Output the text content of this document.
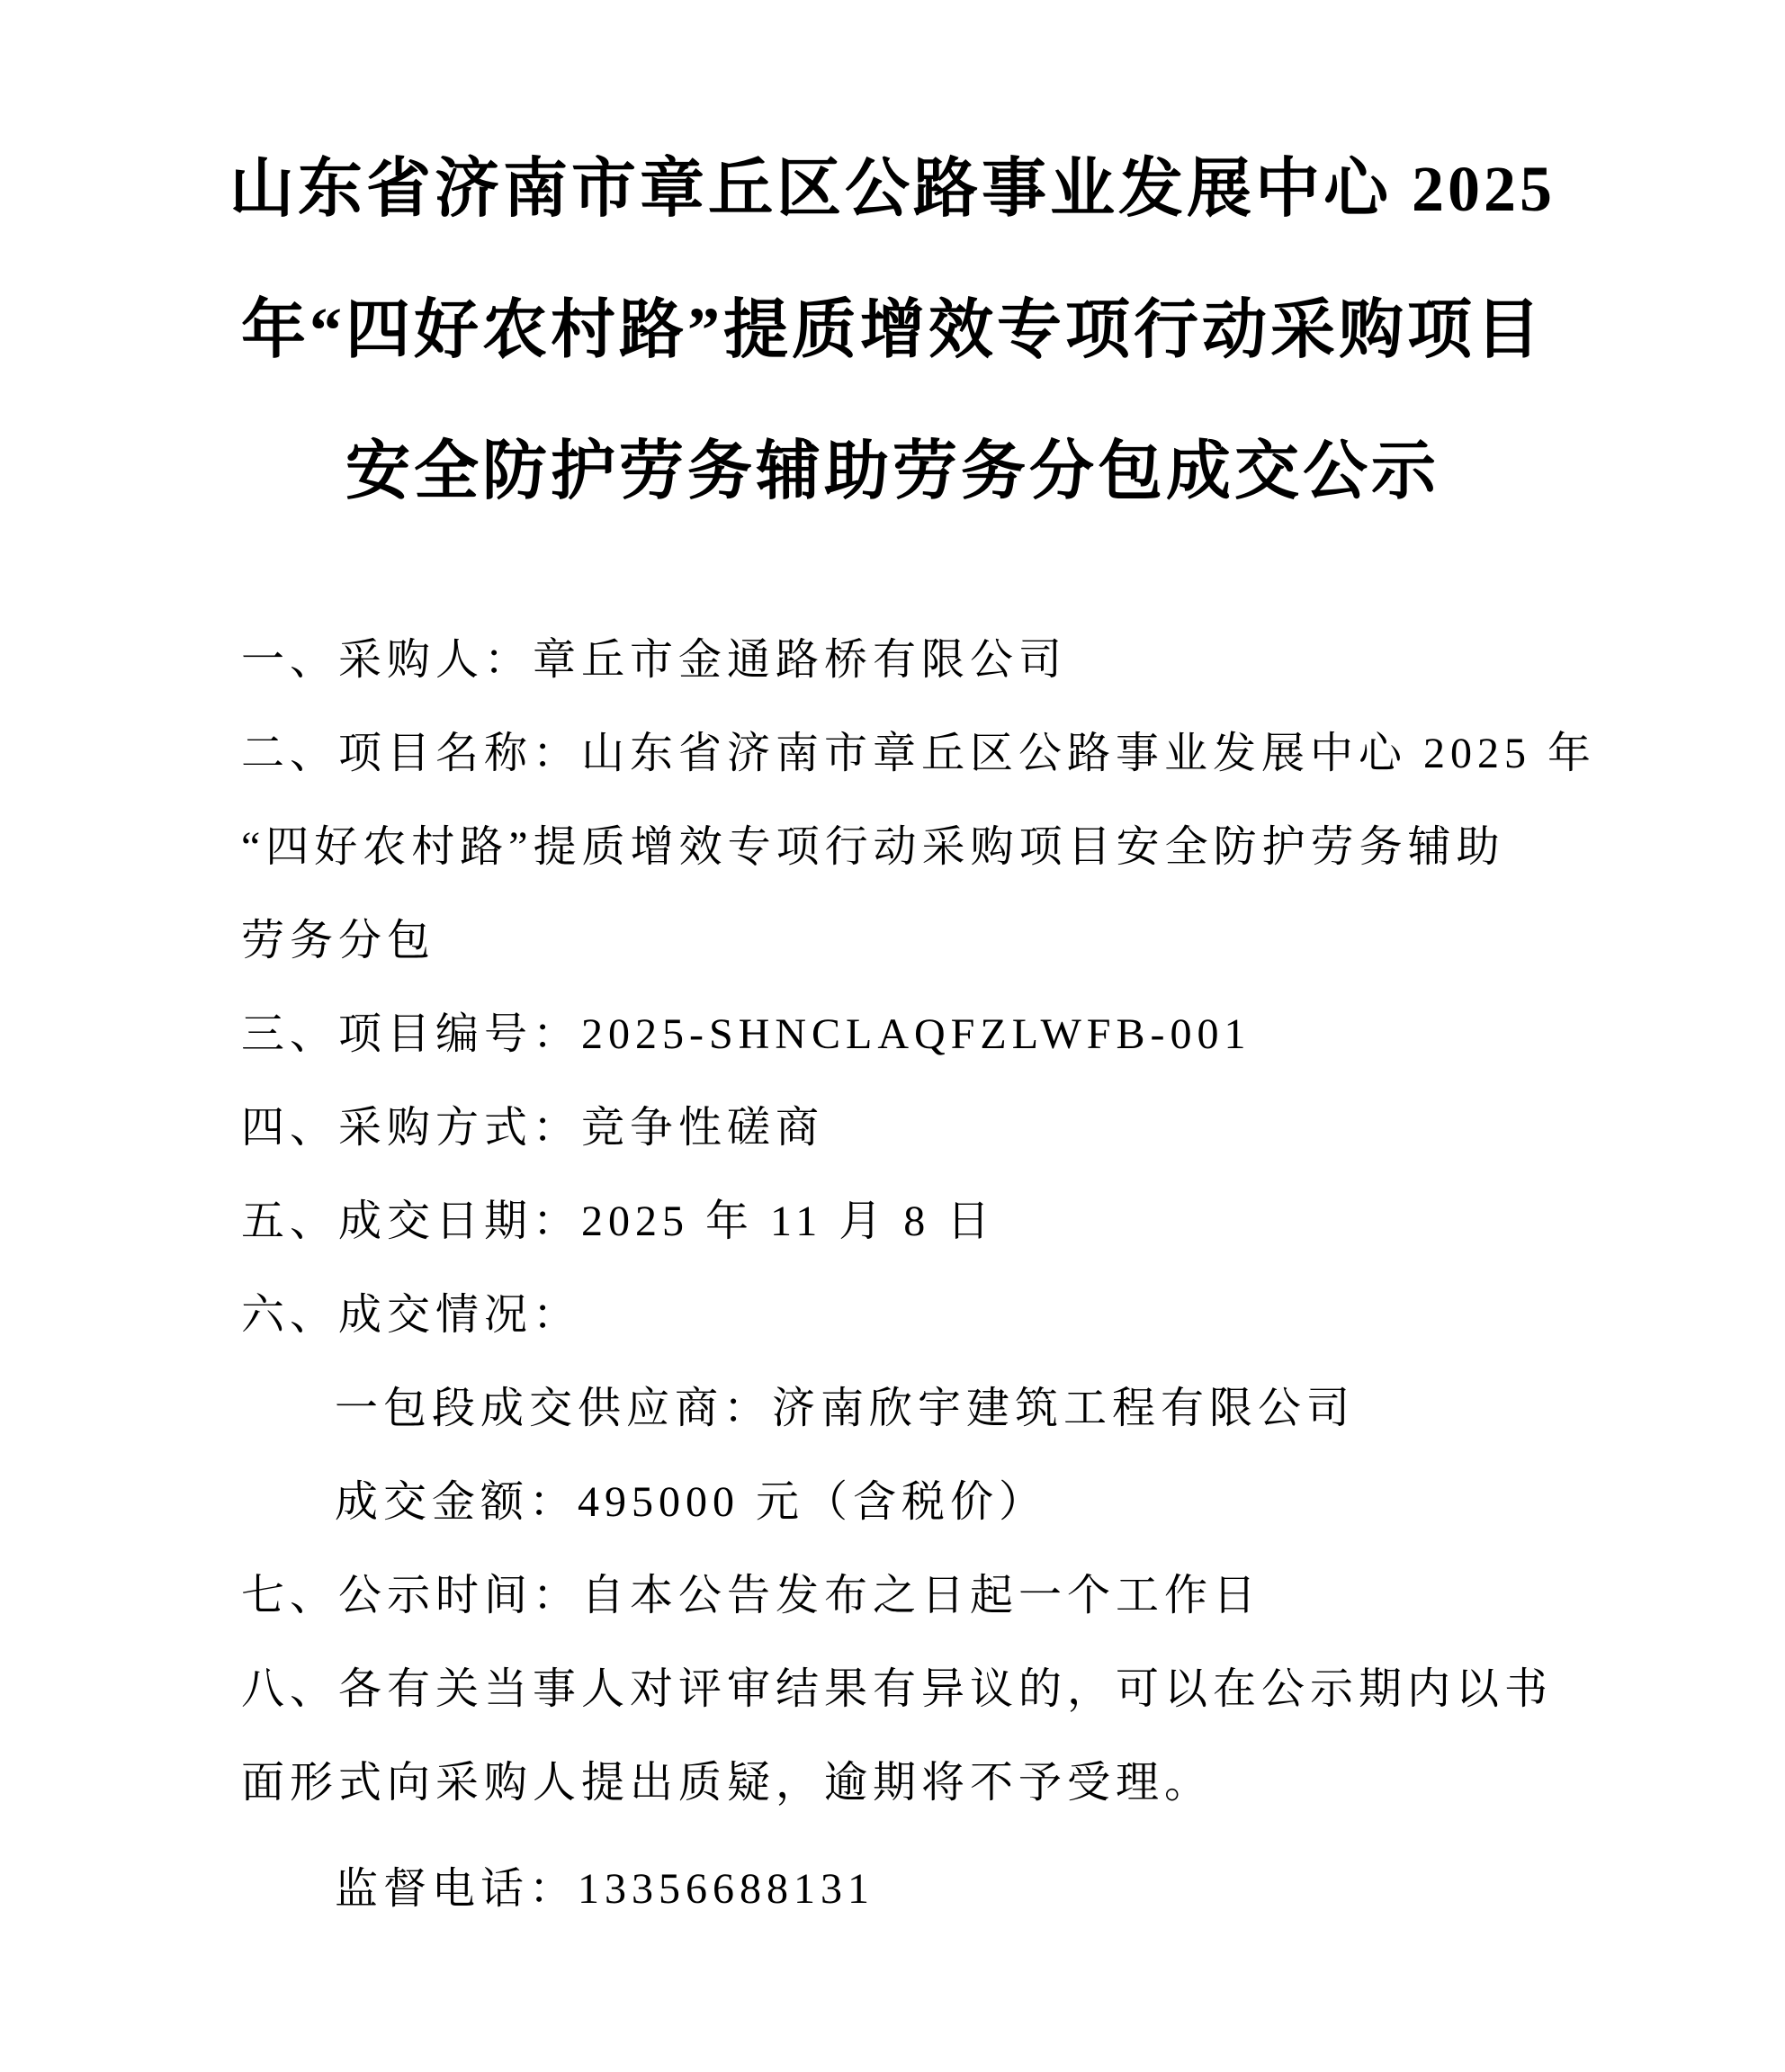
山东省济南市章丘区公路事业发展中心 2025
年“四好农村路”提质增效专项行动采购项目
安全防护劳务辅助劳务分包成交公示
一、采购人：章丘市金通路桥有限公司
二、项目名称：山东省济南市章丘区公路事业发展中心 2025 年
“四好农村路”提质增效专项行动采购项目安全防护劳务辅助
劳务分包
三、项目编号：2025-SHNCLAQFZLWFB-001
四、采购方式：竞争性磋商
五、成交日期：2025 年 11 月 8 日
六、成交情况：
一包段成交供应商：济南欣宇建筑工程有限公司
成交金额：495000 元（含税价）
七、公示时间：自本公告发布之日起一个工作日
八、各有关当事人对评审结果有异议的，可以在公示期内以书
面形式向采购人提出质疑，逾期将不予受理。
监督电话：13356688131
